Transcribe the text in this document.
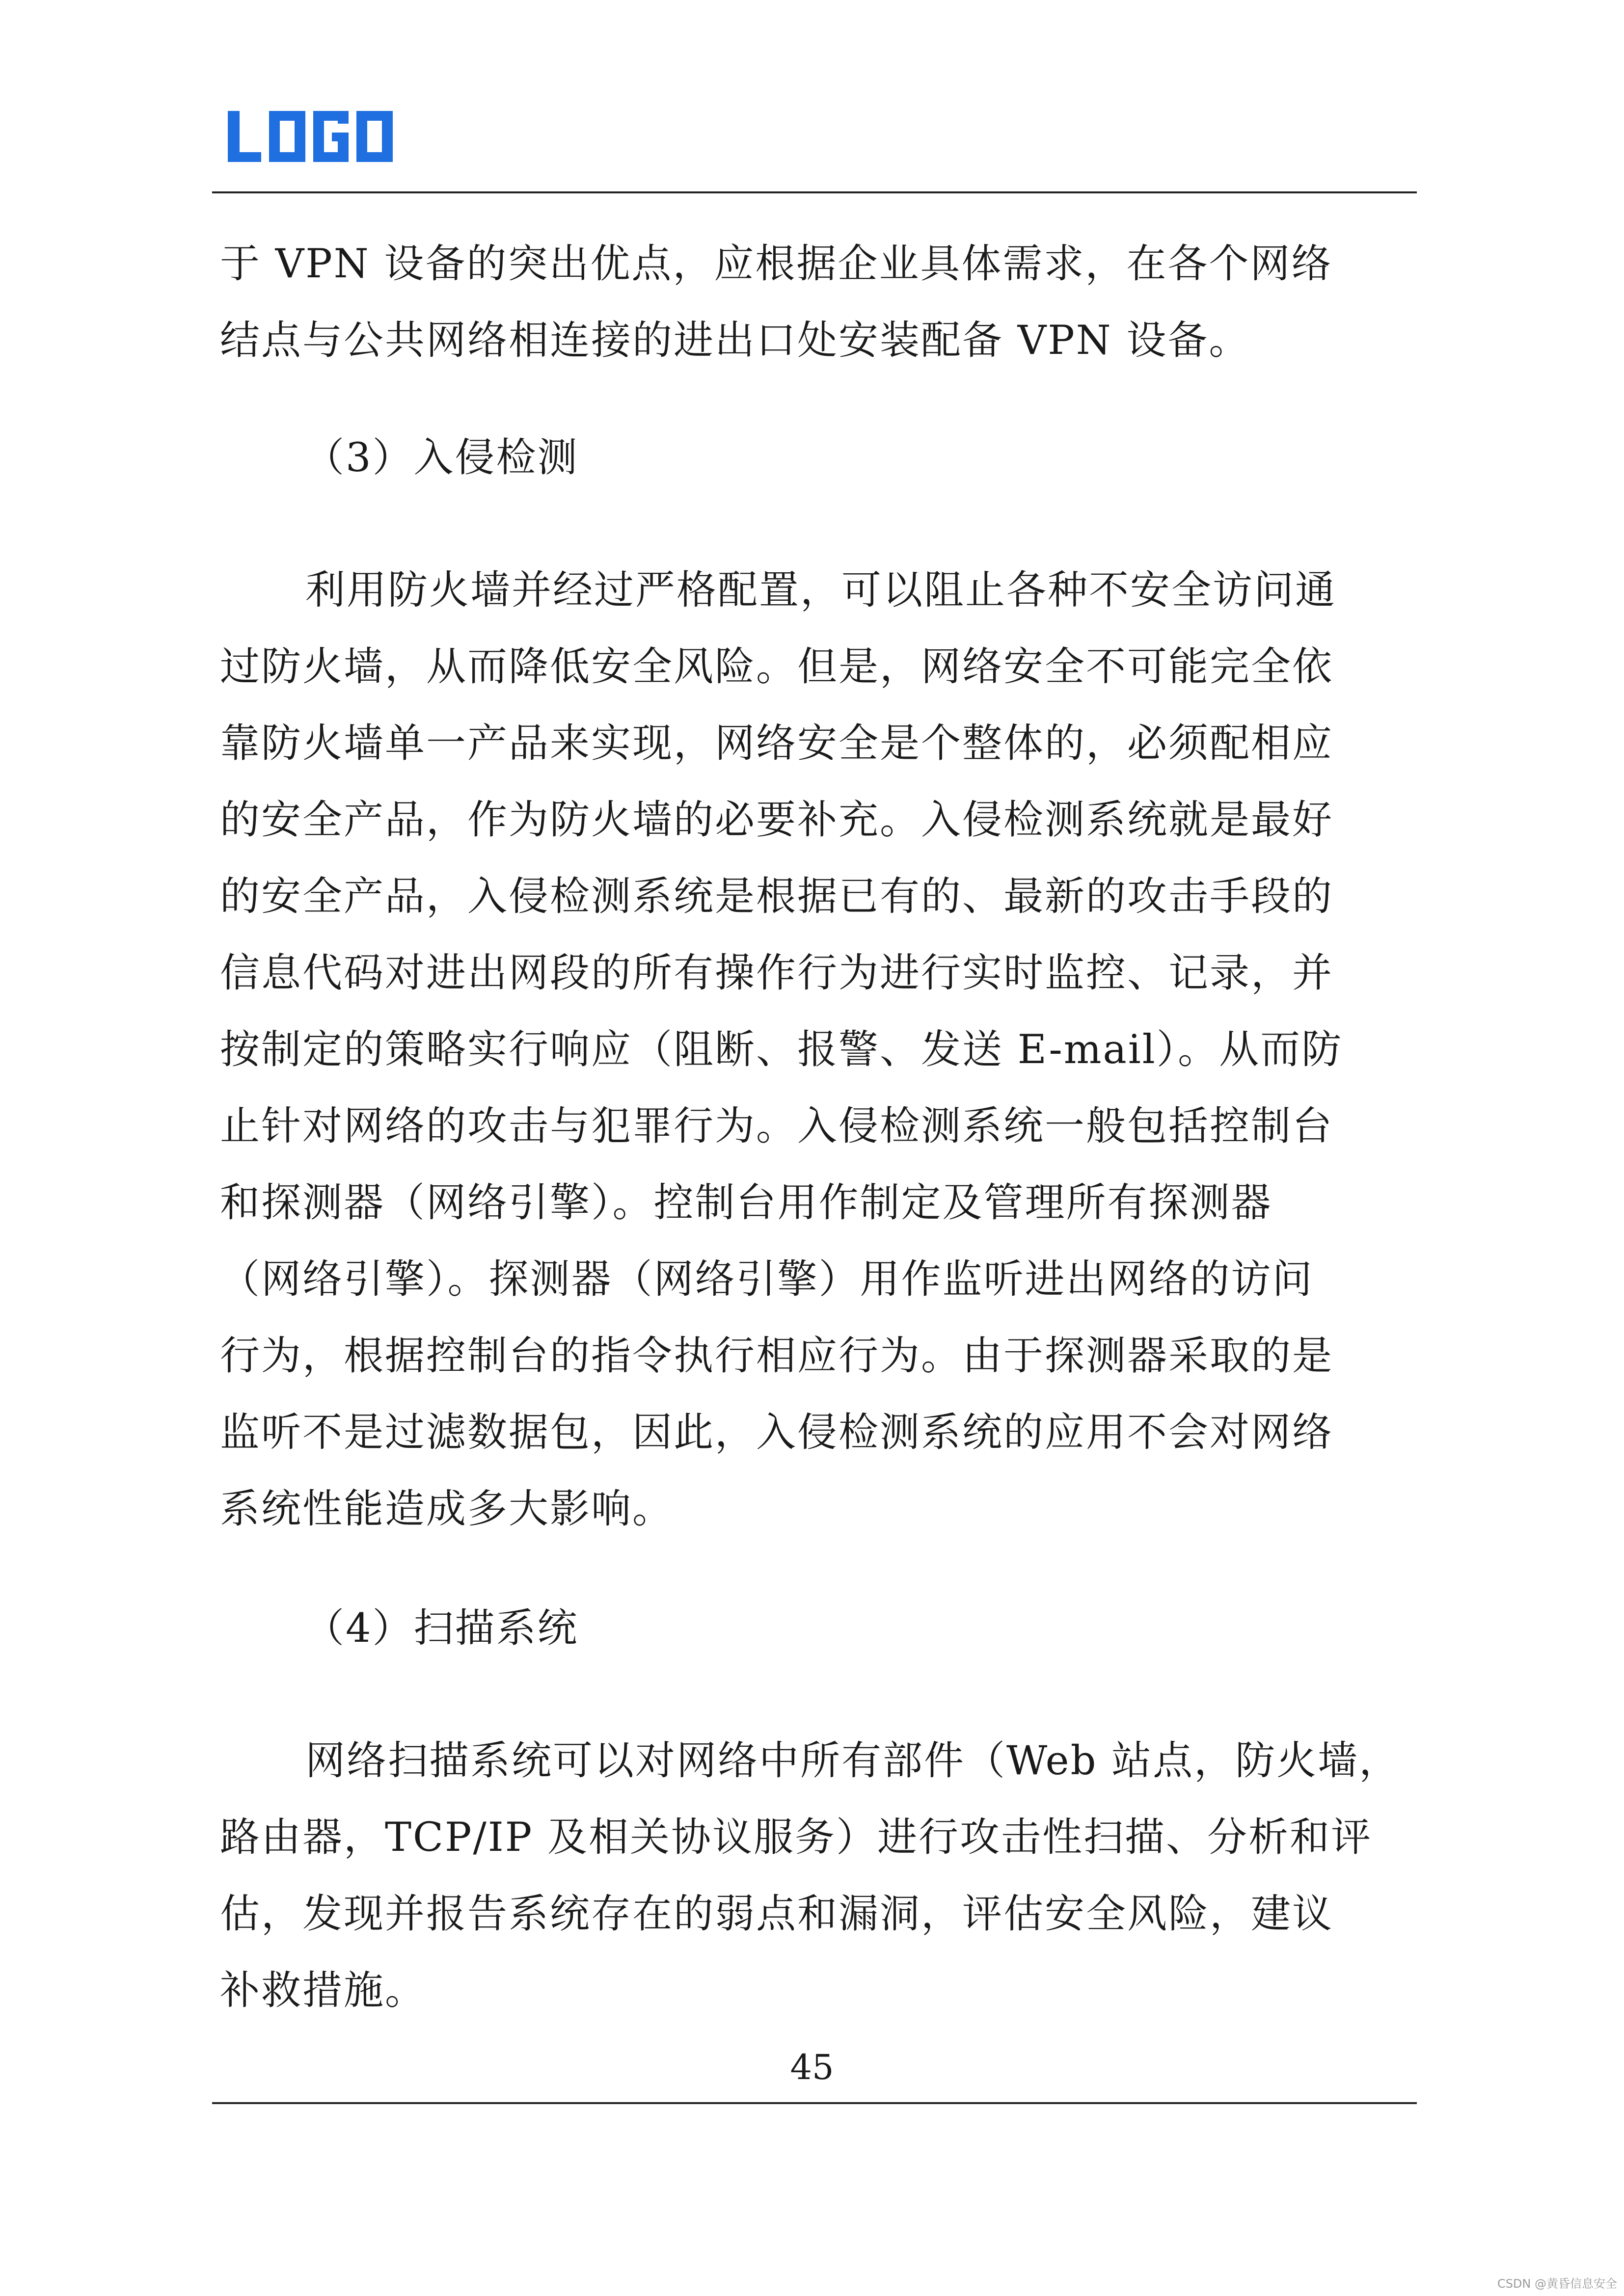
于 VPN 设备的突出优点，应根据企业具体需求，在各个网络
结点与公共网络相连接的进出口处安装配备 VPN 设备。
（3）入侵检测
利用防火墙并经过严格配置，可以阻止各种不安全访问通
过防火墙，从而降低安全风险。但是，网络安全不可能完全依
靠防火墙单一产品来实现，网络安全是个整体的，必须配相应
的安全产品，作为防火墙的必要补充。入侵检测系统就是最好
的安全产品，入侵检测系统是根据已有的、最新的攻击手段的
信息代码对进出网段的所有操作行为进行实时监控、记录，并
按制定的策略实行响应（阻断、报警、发送 E-mail）。从而防
止针对网络的攻击与犯罪行为。入侵检测系统一般包括控制台
和探测器（网络引擎）。控制台用作制定及管理所有探测器
（网络引擎）。探测器（网络引擎）用作监听进出网络的访问
行为，根据控制台的指令执行相应行为。由于探测器采取的是
监听不是过滤数据包，因此，入侵检测系统的应用不会对网络
系统性能造成多大影响。
（4）扫描系统
网络扫描系统可以对网络中所有部件（Web 站点，防火墙，
路由器，TCP/IP 及相关协议服务）进行攻击性扫描、分析和评
估，发现并报告系统存在的弱点和漏洞，评估安全风险，建议
补救措施。
45
CSDN @黄昏信息安全
